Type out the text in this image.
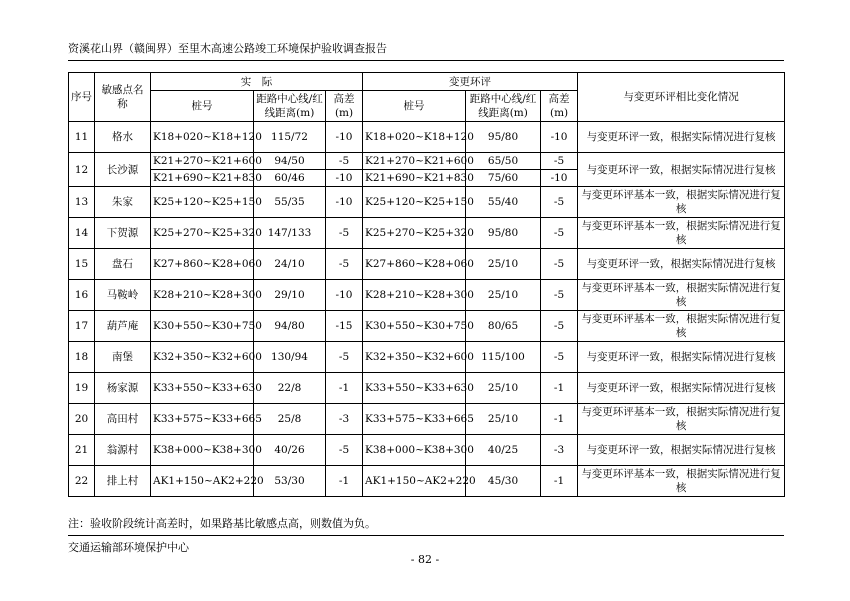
资溪花山界（赣闽界）至里木高速公路竣工环境保护验收调查报告
序号	敏感点名称	实　际			变更环评			与变更环评相比变化情况
		桩号	距路中心线/红线距离(m)	高差(m)	桩号	距路中心线/红线距离(m)	高差(m)	
11	格水	K18+020~K18+120	115/72	-10	K18+020~K18+120	95/80	-10	与变更环评一致，根据实际情况进行复核
12	长沙源	K21+270~K21+600	94/50	-5	K21+270~K21+600	65/50	-5	与变更环评一致，根据实际情况进行复核
		K21+690~K21+830	60/46	-10	K21+690~K21+830	75/60	-10	
13	朱家	K25+120~K25+150	55/35	-10	K25+120~K25+150	55/40	-5	与变更环评基本一致，根据实际情况进行复核
14	下贺源	K25+270~K25+320	147/133	-5	K25+270~K25+320	95/80	-5	与变更环评基本一致，根据实际情况进行复核
15	盘石	K27+860~K28+060	24/10	-5	K27+860~K28+060	25/10	-5	与变更环评一致，根据实际情况进行复核
16	马鞍岭	K28+210~K28+300	29/10	-10	K28+210~K28+300	25/10	-5	与变更环评基本一致，根据实际情况进行复核
17	葫芦庵	K30+550~K30+750	94/80	-15	K30+550~K30+750	80/65	-5	与变更环评基本一致，根据实际情况进行复核
18	南堡	K32+350~K32+600	130/94	-5	K32+350~K32+600	115/100	-5	与变更环评一致，根据实际情况进行复核
19	杨家源	K33+550~K33+630	22/8	-1	K33+550~K33+630	25/10	-1	与变更环评一致，根据实际情况进行复核
20	高田村	K33+575~K33+665	25/8	-3	K33+575~K33+665	25/10	-1	与变更环评基本一致，根据实际情况进行复核
21	翁源村	K38+000~K38+300	40/26	-5	K38+000~K38+300	40/25	-3	与变更环评一致，根据实际情况进行复核
22	排上村	AK1+150~AK2+220	53/30	-1	AK1+150~AK2+220	45/30	-1	与变更环评基本一致，根据实际情况进行复核
注：验收阶段统计高差时，如果路基比敏感点高，则数值为负。
交通运输部环境保护中心
- 82 -
